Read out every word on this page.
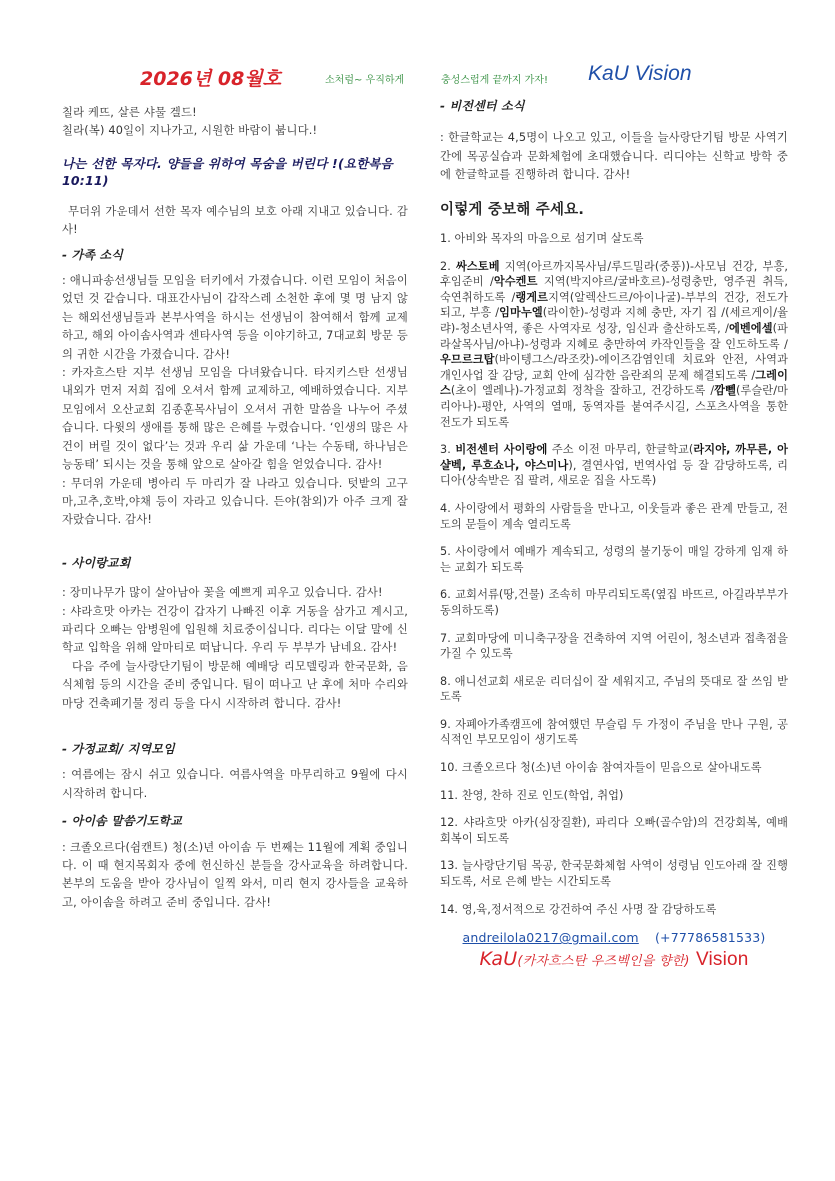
2026년 08월호	소처럼~ 우직하게	충성스럽게 끝까지 가자! KaU Vision

칠라 케뜨, 살른 샤물 겔드!

칠라(복) 40일이 지나가고, 시원한 바람이 붑니다.!

나는 선한 목자다. 양들을 위하여 목숨을 버린다 !(요한복음 10:11)

무더위 가운데서 선한 목자 예수님의 보호 아래 지내고 있습니다. 감사!

- 가족 소식

: 애니파송선생님들 모임을 터키에서 가졌습니다. 이런 모임이 처음이었던 것 같습니다. 대표간사님이 갑작스레 소천한 후에 몇 명 남지 않는 해외선생님들과 본부사역을 하시는 선생님이 참여해서 함께 교제하고, 해외 아이솜사역과 센타사역 등을 이야기하고, 7대교회 방문 등의 귀한 시간을 가졌습니다. 감사!

: 카자흐스탄 지부 선생님 모임을 다녀왔습니다. 타지키스탄 선생님 내외가 먼저 저희 집에 오셔서 함께 교제하고, 예배하였습니다. 지부 모임에서 오산교회 김종훈목사님이 오셔서 귀한 말씀을 나누어 주셨습니다. 다윗의 생애를 통해 많은 은혜를 누렸습니다. ‘인생의 많은 사건이 버릴 것이 없다’는 것과 우리 삶 가운데 ‘나는 수동태, 하나님은 능동태’ 되시는 것을 통해 앞으로 살아갈 힘을 얻었습니다. 감사!

: 무더위 가운데 병아리 두 마리가 잘 나라고 있습니다. 텃밭의 고구마,고추,호박,야채 등이 자라고 있습니다. 든야(참외)가 아주 크게 잘 자랐습니다. 감사!

- 사이랑교회

: 장미나무가 많이 살아남아 꽃을 예쁘게 피우고 있습니다. 감사!

: 샤라흐맛 아카는 건강이 갑자기 나빠진 이후 거동을 삼가고 계시고, 파리다 오빠는 암병원에 입원해 치료중이십니다. 리다는 이달 말에 신학교 입학을 위해 알마티로 떠납니다. 우리 두 부부가 남네요. 감사!

다음 주에 늘사랑단기팀이 방문해 예배당 리모델링과 한국문화, 음식체험 등의 시간을 준비 중입니다. 팀이 떠나고 난 후에 처마 수리와 마당 건축폐기물 정리 등을 다시 시작하려 합니다. 감사!

- 가정교회/ 지역모임

: 여름에는 잠시 쉬고 있습니다. 여름사역을 마무리하고 9월에 다시 시작하려 합니다.

- 아이솜 말씀기도학교

: 크졸오르다(쉼캔트) 청(소)년 아이솜 두 번째는 11월에 계획 중입니다. 이 때 현지목회자 중에 헌신하신 분들을 강사교육을 하려합니다. 본부의 도움을 받아 강사님이 일찍 와서, 미리 현지 강사들을 교육하고, 아이솜을 하려고 준비 중입니다. 감사!

- 비전센터 소식

: 한글학교는 4,5명이 나오고 있고, 이들을 늘사랑단기팀 방문 사역기간에 목공실습과 문화체험에 초대했습니다. 리디야는 신학교 방학 중에 한글학교를 진행하려 합니다. 감사!

이렇게 중보해 주세요.

1. 아비와 목자의 마음으로 섬기며 살도록

2. 싸스토베 지역(아르까지목사님/루드밀라(중풍))-사모님 건강, 부흥, 후임준비 /악수켄트 지역(박지야르/굴바호르)-성령충만, 영주권 취득, 숙연취하도록 /랭게르지역(알렉산드르/아이나굴)-부부의 건강, 전도가 되고, 부흥 /임마누엘(라이한)-성령과 지혜 충만, 자기 집 /(세르게이/율랴)-청소년사역, 좋은 사역자로 성장, 임신과 출산하도록, /에벤에셀(파라살목사님/아냐)-성령과 지혜로 충만하여 카작인들을 잘 인도하도록 /우므르크탑(바이텡그스/라조캇)-에이즈감염인데 치료와 안전, 사역과 개인사업 잘 감당, 교회 안에 심각한 음란죄의 문제 해결되도록 /그레이스(초이 엘레나)-가정교회 정착을 잘하고, 건강하도록 /깜뻴(루슬란/마리아나)-평안, 사역의 열매, 동역자를 붙여주시길, 스포츠사역을 통한 전도가 되도록

3. 비전센터 사이랑에 주소 이전 마무리, 한글학교(라지야, 까무른, 아샬벡, 루흐쇼나, 야스미나), 결연사업, 번역사업 등 잘 감당하도록, 리디아(상속받은 집 팔려, 새로운 집을 사도록)

4. 사이랑에서 평화의 사람들을 만나고, 이웃들과 좋은 관계 만들고, 전도의 문들이 계속 열리도록

5. 사이랑에서 예배가 계속되고, 성령의 불기둥이 매일 강하게 임재 하는 교회가 되도록

6. 교회서류(땅,건물) 조속히 마무리되도록(옆집 바뜨르, 아길라부부가 동의하도록)

7. 교회마당에 미니축구장을 건축하여 지역 어린이, 청소년과 접촉점을 가질 수 있도록

8. 애니선교회 새로운 리더십이 잘 세워지고, 주님의 뜻대로 잘 쓰임 받도록

9. 자폐아가족캠프에 참여했던 무슬림 두 가정이 주님을 만나 구원, 공식적인 부모모임이 생기도록

10. 크졸오르다 청(소)년 아이솜 참여자들이 믿음으로 살아내도록

11. 찬영, 찬하 진로 인도(학업, 취업)

12. 샤라흐맛 아카(심장질환), 파리다 오빠(골수암)의 건강회복, 예배회복이 되도록

13. 늘사랑단기팀 목공, 한국문화체험 사역이 성령님 인도아래 잘 진행되도록, 서로 은혜 받는 시간되도록

14. 영,육,정서적으로 강건하여 주신 사명 잘 감당하도록

andreilola0217@gmail.com (+77786581533)
KaU(카자흐스탄 우즈벡인을 향한) Vision
